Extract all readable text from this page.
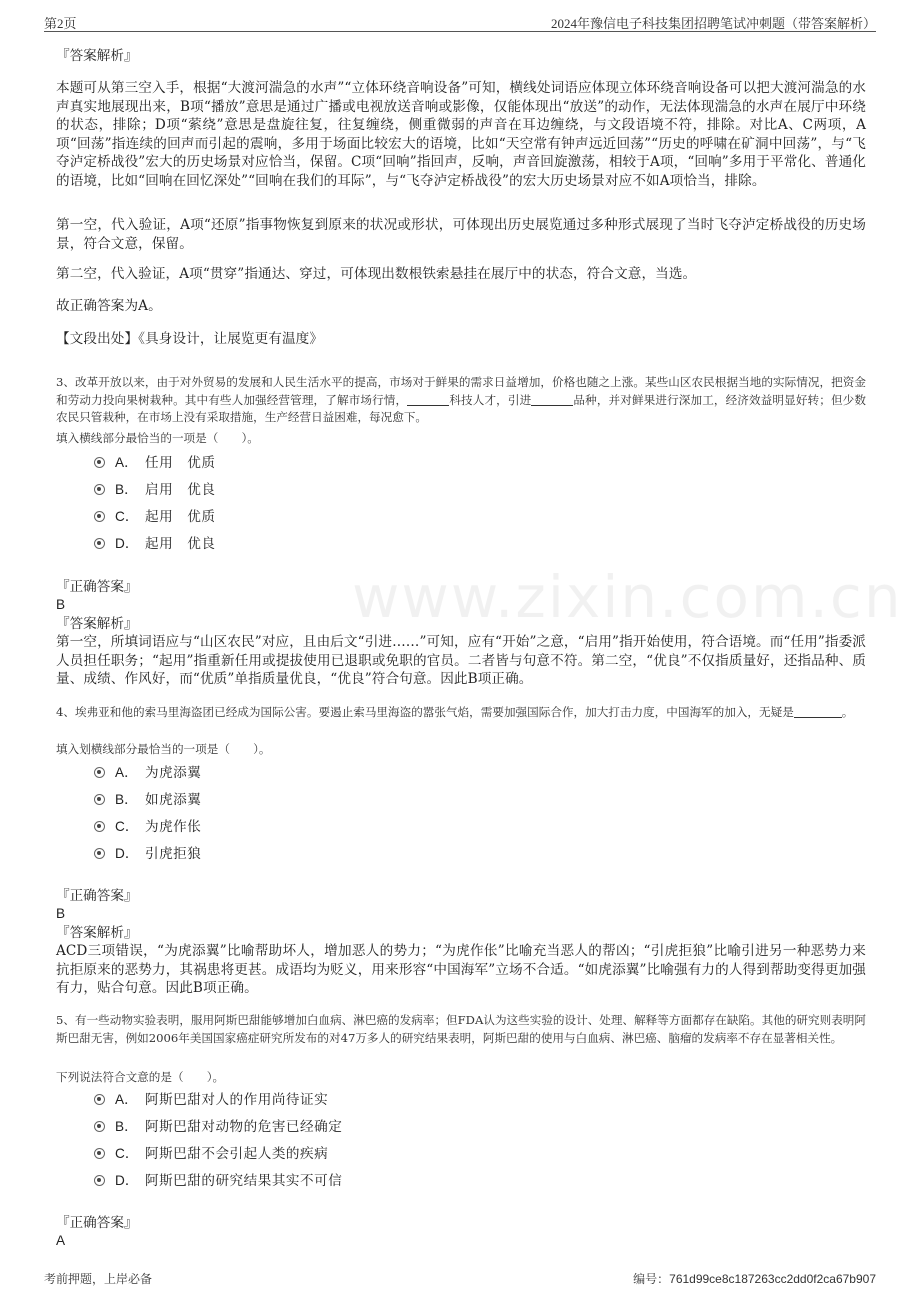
第2页	2024年豫信电子科技集团招聘笔试冲刺题（带答案解析）
www.zixin.com.cn
『答案解析』
本题可从第三空入手，根据“大渡河湍急的水声”“立体环绕音响设备”可知，横线处词语应体现立体环绕音响设备可以把大渡河湍急的水声真实地展现出来，B项“播放”意思是通过广播或电视放送音响或影像，仅能体现出“放送”的动作，无法体现湍急的水声在展厅中环绕的状态，排除；D项“萦绕”意思是盘旋往复，往复缠绕，侧重微弱的声音在耳边缠绕，与文段语境不符，排除。对比A、C两项，A项“回荡”指连续的回声而引起的震响，多用于场面比较宏大的语境，比如“天空常有钟声远近回荡”“历史的呼啸在矿洞中回荡”，与“飞夺泸定桥战役”宏大的历史场景对应恰当，保留。C项“回响”指回声，反响，声音回旋激荡，相较于A项，“回响”多用于平常化、普通化的语境，比如“回响在回忆深处”“回响在我们的耳际”，与“飞夺泸定桥战役”的宏大历史场景对应不如A项恰当，排除。
第一空，代入验证，A项“还原”指事物恢复到原来的状况或形状，可体现出历史展览通过多种形式展现了当时飞夺泸定桥战役的历史场景，符合文意，保留。
第二空，代入验证，A项“贯穿”指通达、穿过，可体现出数根铁索悬挂在展厅中的状态，符合文意，当选。
故正确答案为A。
【文段出处】《具身设计，让展览更有温度》
3、改革开放以来，由于对外贸易的发展和人民生活水平的提高，市场对于鲜果的需求日益增加，价格也随之上涨。某些山区农民根据当地的实际情况，把资金和劳动力投向果树栽种。其中有些人加强经营管理，了解市场行情，	科技人才，引进	品种，并对鲜果进行深加工，经济效益明显好转；但少数农民只管栽种，在市场上没有采取措施，生产经营日益困难，每况愈下。
填入横线部分最恰当的一项是（　　）。
A． 任用　优质
B． 启用　优良
C． 起用　优质
D． 起用　优良
『正确答案』
B
『答案解析』
第一空，所填词语应与“山区农民”对应，且由后文“引进……”可知，应有“开始”之意，“启用”指开始使用，符合语境。而“任用”指委派人员担任职务；“起用”指重新任用或提拔使用已退职或免职的官员。二者皆与句意不符。第二空，“优良”不仅指质量好，还指品种、质量、成绩、作风好，而“优质”单指质量优良，“优良”符合句意。因此B项正确。
4、埃弗亚和他的索马里海盗团已经成为国际公害。要遏止索马里海盗的嚣张气焰，需要加强国际合作，加大打击力度，中国海军的加入，无疑是	。
填入划横线部分最恰当的一项是（　　）。
A． 为虎添翼
B． 如虎添翼
C． 为虎作伥
D． 引虎拒狼
『正确答案』
B
『答案解析』
ACD三项错误，“为虎添翼”比喻帮助坏人，增加恶人的势力；“为虎作伥”比喻充当恶人的帮凶；“引虎拒狼”比喻引进另一种恶势力来抗拒原来的恶势力，其祸患将更甚。成语均为贬义，用来形容“中国海军”立场不合适。“如虎添翼”比喻强有力的人得到帮助变得更加强有力，贴合句意。因此B项正确。
5、有一些动物实验表明，服用阿斯巴甜能够增加白血病、淋巴癌的发病率；但FDA认为这些实验的设计、处理、解释等方面都存在缺陷。其他的研究则表明阿斯巴甜无害，例如2006年美国国家癌症研究所发布的对47万多人的研究结果表明，阿斯巴甜的使用与白血病、淋巴癌、脑瘤的发病率不存在显著相关性。
下列说法符合文意的是（　　）。
A． 阿斯巴甜对人的作用尚待证实
B． 阿斯巴甜对动物的危害已经确定
C． 阿斯巴甜不会引起人类的疾病
D． 阿斯巴甜的研究结果其实不可信
『正确答案』
A
考前押题，上岸必备	编号：761d99ce8c187263cc2dd0f2ca67b907
